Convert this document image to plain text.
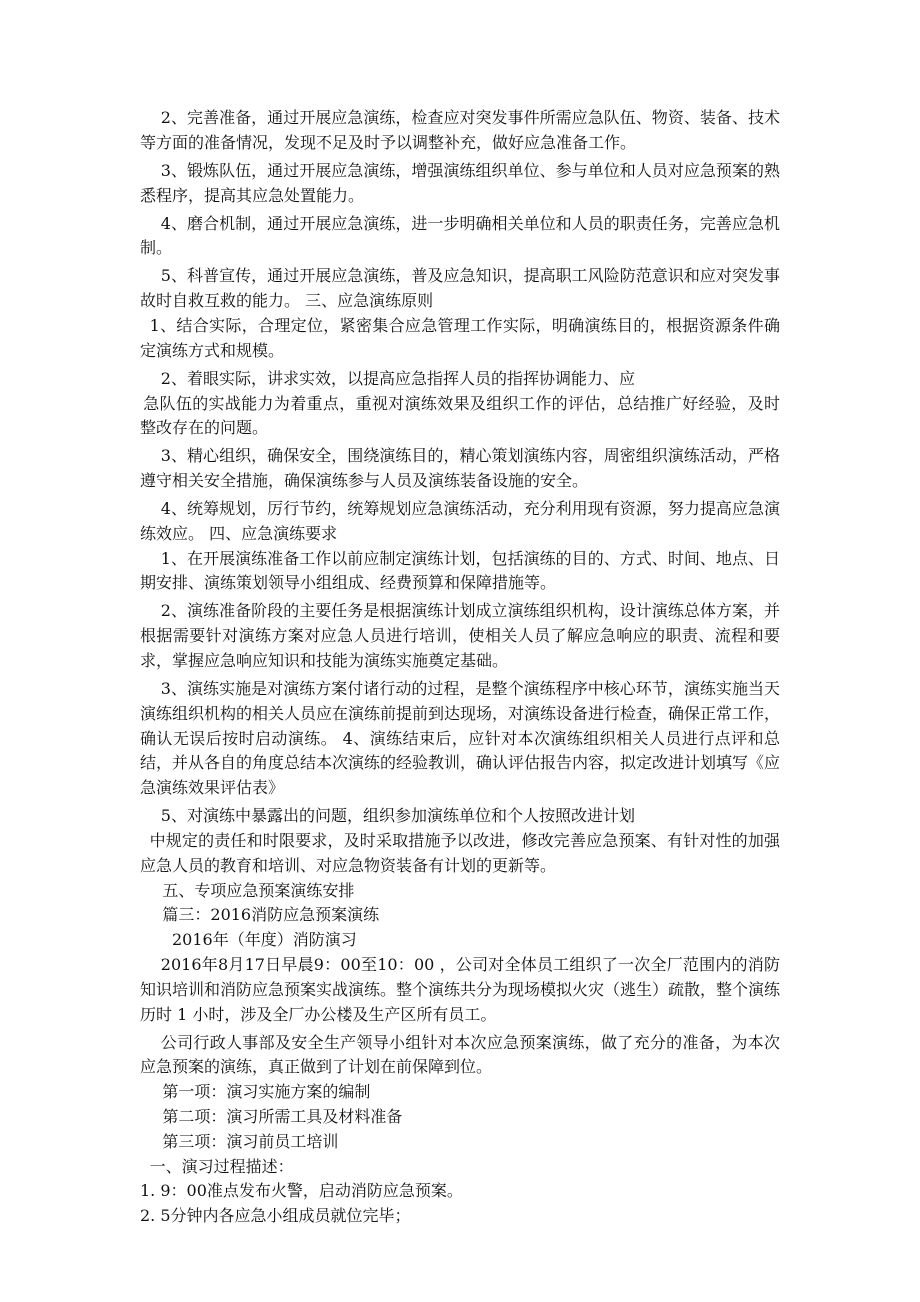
2、完善准备，通过开展应急演练，检查应对突发事件所需应急队伍、物资、装备、技术等方面的准备情况，发现不足及时予以调整补充，做好应急准备工作。

3、锻炼队伍，通过开展应急演练，增强演练组织单位、参与单位和人员对应急预案的熟悉程序，提高其应急处置能力。

4、磨合机制，通过开展应急演练，进一步明确相关单位和人员的职责任务，完善应急机制。

5、科普宣传，通过开展应急演练，普及应急知识，提高职工风险防范意识和应对突发事故时自救互救的能力。 三、应急演练原则

1、结合实际，合理定位，紧密集合应急管理工作实际，明确演练目的，根据资源条件确定演练方式和规模。

2、着眼实际，讲求实效，以提高应急指挥人员的指挥协调能力、应

急队伍的实战能力为着重点，重视对演练效果及组织工作的评估，总结推广好经验，及时整改存在的问题。

3、精心组织，确保安全，围绕演练目的，精心策划演练内容，周密组织演练活动，严格遵守相关安全措施，确保演练参与人员及演练装备设施的安全。

4、统筹规划，厉行节约，统筹规划应急演练活动，充分利用现有资源，努力提高应急演练效应。 四、应急演练要求

1、在开展演练准备工作以前应制定演练计划，包括演练的目的、方式、时间、地点、日期安排、演练策划领导小组组成、经费预算和保障措施等。

2、演练准备阶段的主要任务是根据演练计划成立演练组织机构，设计演练总体方案，并根据需要针对演练方案对应急人员进行培训，使相关人员了解应急响应的职责、流程和要求，掌握应急响应知识和技能为演练实施奠定基础。

3、演练实施是对演练方案付诸行动的过程，是整个演练程序中核心环节，演练实施当天演练组织机构的相关人员应在演练前提前到达现场，对演练设备进行检查，确保正常工作，确认无误后按时启动演练。 4、演练结束后，应针对本次演练组织相关人员进行点评和总结，并从各自的角度总结本次演练的经验教训，确认评估报告内容，拟定改进计划填写《应急演练效果评估表》

5、对演练中暴露出的问题，组织参加演练单位和个人按照改进计划

中规定的责任和时限要求，及时采取措施予以改进，修改完善应急预案、有针对性的加强应急人员的教育和培训、对应急物资装备有计划的更新等。

五、专项应急预案演练安排

篇三：2016消防应急预案演练

2016年（年度）消防演习

2016年8月17日早晨9：00至10：00 ，公司对全体员工组织了一次全厂范围内的消防知识培训和消防应急预案实战演练。整个演练共分为现场模拟火灾（逃生）疏散，整个演练历时 1 小时，涉及全厂办公楼及生产区所有员工。

公司行政人事部及安全生产领导小组针对本次应急预案演练，做了充分的准备，为本次应急预案的演练，真正做到了计划在前保障到位。

第一项：演习实施方案的编制

第二项：演习所需工具及材料准备

第三项：演习前员工培训

一、演习过程描述：

1. 9：00准点发布火警，启动消防应急预案。

2. 5分钟内各应急小组成员就位完毕；
